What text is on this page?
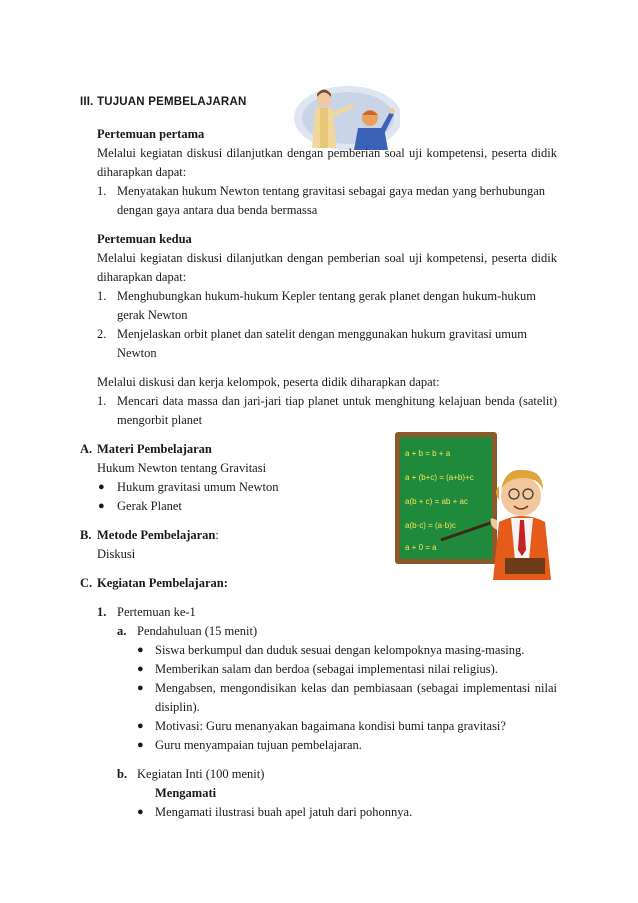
III. TUJUAN PEMBELAJARAN
Pertemuan pertama
Melalui kegiatan diskusi dilanjutkan dengan pemberian soal uji kompetensi, peserta didik
diharapkan dapat:
1. Menyatakan hukum Newton tentang gravitasi sebagai gaya medan yang berhubungan
dengan gaya antara dua benda bermassa
Pertemuan kedua
Melalui kegiatan diskusi dilanjutkan dengan pemberian soal uji kompetensi, peserta didik
diharapkan dapat:
1. Menghubungkan hukum-hukum Kepler tentang gerak planet dengan hukum-hukum
gerak Newton
2. Menjelaskan orbit planet dan satelit dengan menggunakan hukum gravitasi umum
Newton
Melalui diskusi dan kerja kelompok, peserta didik diharapkan dapat:
1. Mencari data massa dan jari-jari tiap planet untuk menghitung kelajuan benda (satelit)
mengorbit planet
A. Materi Pembelajaran
Hukum Newton tentang Gravitasi
● Hukum gravitasi umum Newton
● Gerak Planet
a + b = b + a
a + (b+c) = (a+b)+c
a(b + c) = ab + ac
a(b·c) = (a·b)c
a + 0 = a
B. Metode Pembelajaran:
Diskusi
C. Kegiatan Pembelajaran:
1. Pertemuan ke-1
a. Pendahuluan (15 menit)
● Siswa berkumpul dan duduk sesuai dengan kelompoknya masing-masing.
● Memberikan salam dan berdoa (sebagai implementasi nilai religius).
● Mengabsen, mengondisikan kelas dan pembiasaan (sebagai implementasi nilai
disiplin).
● Motivasi: Guru menanyakan bagaimana kondisi bumi tanpa gravitasi?
● Guru menyampaian tujuan pembelajaran.
b. Kegiatan Inti (100 menit)
Mengamati
● Mengamati ilustrasi buah apel jatuh dari pohonnya.
